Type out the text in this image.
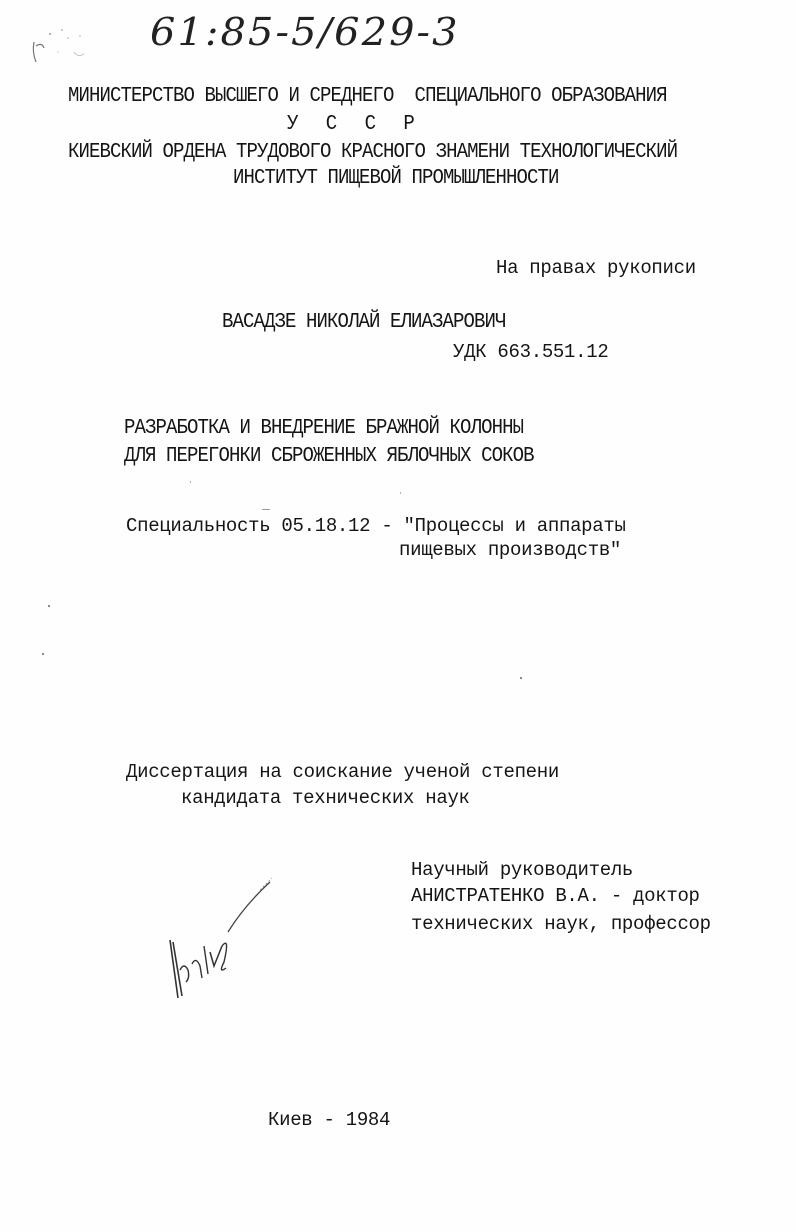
61:85-5/629-3
МИНИСТЕРСТВО ВЫСШЕГО И СРЕДНЕГО  СПЕЦИАЛЬНОГО ОБРАЗОВАНИЯ
У С С Р
КИЕВСКИЙ ОРДЕНА ТРУДОВОГО КРАСНОГО ЗНАМЕНИ ТЕХНОЛОГИЧЕСКИЙ
ИНСТИТУТ ПИЩЕВОЙ ПРОМЫШЛЕННОСТИ
На правах рукописи
ВАСАДЗЕ НИКОЛАЙ ЕЛИАЗАРОВИЧ
УДК 663.551.12
РАЗРАБОТКА И ВНЕДРЕНИЕ БРАЖНОЙ КОЛОННЫ
ДЛЯ ПЕРЕГОНКИ СБРОЖЕННЫХ ЯБЛОЧНЫХ СОКОВ
Специальность 05.18.12 - "Процессы и аппараты
пищевых производств"
Диссертация на соискание ученой степени
кандидата технических наук
Научный руководитель
АНИСТРАТЕНКО В.А. - доктор
технических наук, профессор
Киев - 1984
